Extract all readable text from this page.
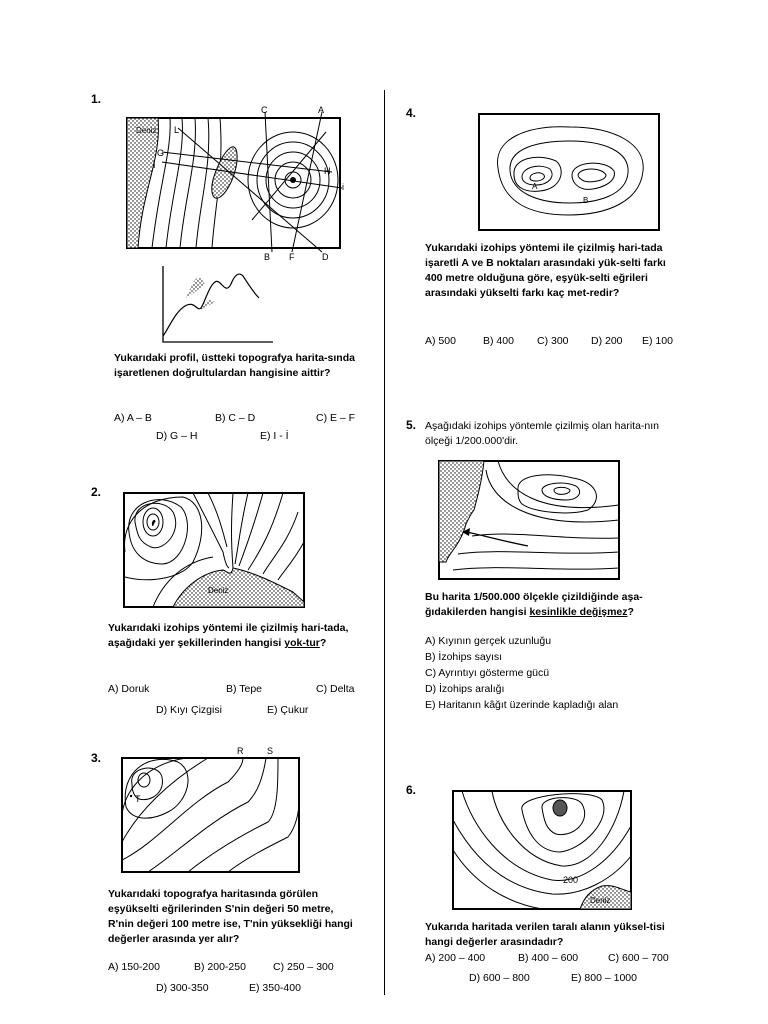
1.
Deniz
C	A
L
G
I
H
i
B F	D
Yukarıdaki profil, üstteki topografya harita-sında işaretlenen doğrultulardan hangisine aittir?
A) A – B	B) C – D	C) E – F
D) G – H	E) I - İ
2.
Deniz
Yukarıdaki izohips yöntemi ile çizilmiş hari-tada, aşağıdaki yer şekillerinden hangisi yok-tur?
A) Doruk	B) Tepe	C) Delta
D) Kıyı Çizgisi	E) Çukur
3.
T
R	S
Yukarıdaki topografya haritasında görülen eşyükselti eğrilerinden S'nin değeri 50 metre, R'nin değeri 100 metre ise, T'nin yüksekliği hangi değerler arasında yer alır?
A) 150-200	B) 200-250	C) 250 – 300
D) 300-350	E) 350-400
4.
A
B
Yukarıdaki izohips yöntemi ile çizilmiş hari-tada işaretli A ve B noktaları arasındaki yük-selti farkı 400 metre olduğuna göre, eşyük-selti eğrileri arasındaki yükselti farkı kaç met-redir?
A) 500	B) 400 C) 300 D) 200 E) 100
5. Aşağıdaki izohips yöntemle çizilmiş olan harita-nın ölçeği 1/200.000'dir.
Bu harita 1/500.000 ölçekle çizildiğinde aşa-ğıdakilerden hangisi kesinlikle değişmez?
A) Kıyının gerçek uzunluğu
B) İzohips sayısı
C) Ayrıntıyı gösterme gücü
D) İzohips aralığı
E) Haritanın kâğıt üzerinde kapladığı alan
6.
200
Deniz
Yukarıda haritada verilen taralı alanın yüksel-tisi hangi değerler arasındadır?
A) 200 – 400	B) 400 – 600	C) 600 – 700
D) 600 – 800	E) 800 – 1000
